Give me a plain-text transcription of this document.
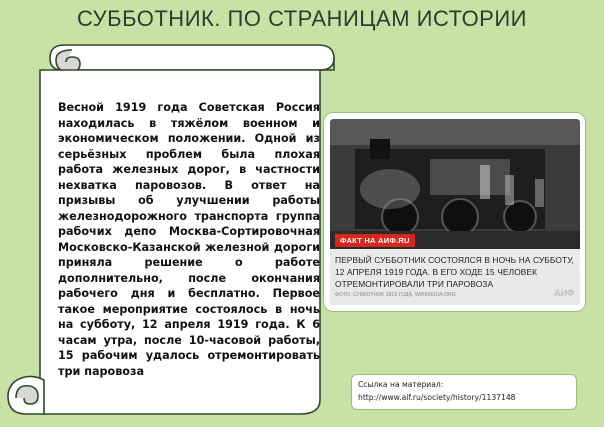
СУББОТНИК. ПО СТРАНИЦАМ ИСТОРИИ
Весной 1919 года Советская Россия находилась в тяжёлом военном и экономическом положении. Одной из серьёзных проблем была плохая работа железных дорог, в частности нехватка паровозов. В ответ на призывы об улучшении работы железнодорожного транспорта группа рабочих депо Москва-Сортировочная Московско-Казанской железной дороги приняла решение о работе дополнительно, после окончания рабочего дня и бесплатно. Первое такое мероприятие состоялось в ночь на субботу, 12 апреля 1919 года. К 6 часам утра, после 10-часовой работы, 15 рабочим удалось отремонтировать три паровоза
ФАКТ НА АИФ.RU
ПЕРВЫЙ СУББОТНИК СОСТОЯЛСЯ В НОЧЬ НА СУББОТУ, 12 АПРЕЛЯ 1919 ГОДА. В ЕГО ХОДЕ 15 ЧЕЛОВЕК ОТРЕМОНТИРОВАЛИ ТРИ ПАРОВОЗА
ФОТО: СУББОТНИК 1919 ГОДА, WIKIMEDIA.ORG	АИФ
Ссылка на материал:
http://www.aif.ru/society/history/1137148
